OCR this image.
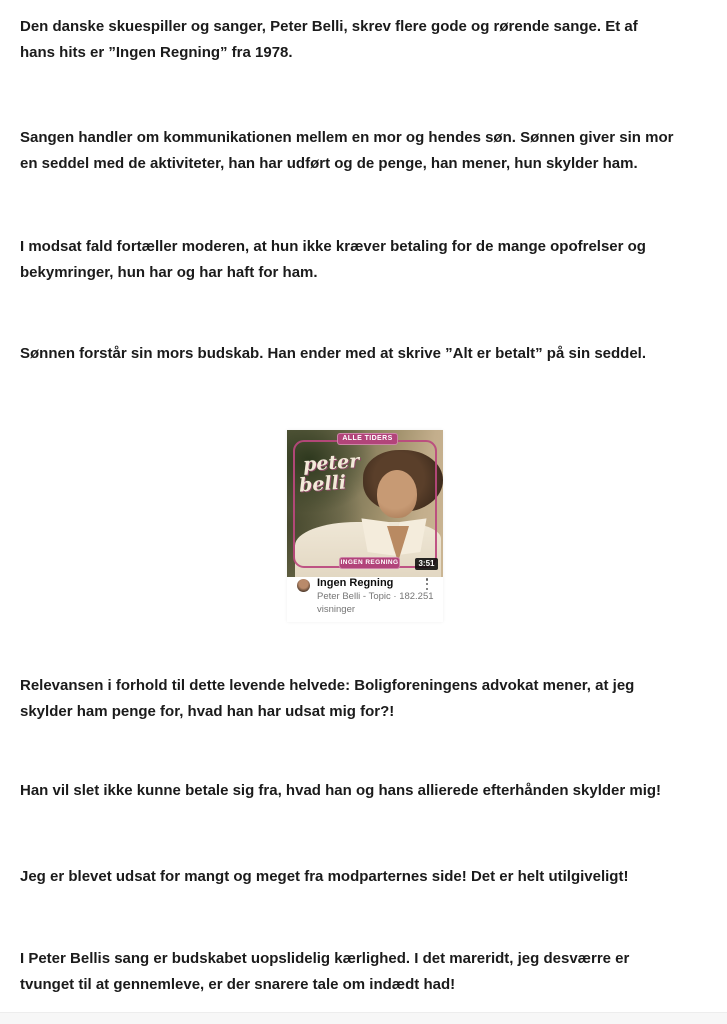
Den danske skuespiller og sanger, Peter Belli, skrev flere gode og rørende sange. Et af
hans hits er ”Ingen Regning” fra 1978.
Sangen handler om kommunikationen mellem en mor og hendes søn. Sønnen giver sin mor
en seddel med de aktiviteter, han har udført og de penge, han mener, hun skylder ham.
I modsat fald fortæller moderen, at hun ikke kræver betaling for de mange opofrelser og
bekymringer, hun har og har haft for ham.
Sønnen forstår sin mors budskab. Han ender med at skrive ”Alt er betalt” på sin seddel.
ALLE TIDERS
peter
belli
INGEN REGNING	3:51
Ingen Regning
Peter Belli - Topic · 182.251
visninger
Relevansen i forhold til dette levende helvede: Boligforeningens advokat mener, at jeg
skylder ham penge for, hvad han har udsat mig for?!
Han vil slet ikke kunne betale sig fra, hvad han og hans allierede efterhånden skylder mig!
Jeg er blevet udsat for mangt og meget fra modparternes side! Det er helt utilgiveligt!
I Peter Bellis sang er budskabet uopslidelig kærlighed. I det mareridt, jeg desværre er
tvunget til at gennemleve, er der snarere tale om indædt had!
